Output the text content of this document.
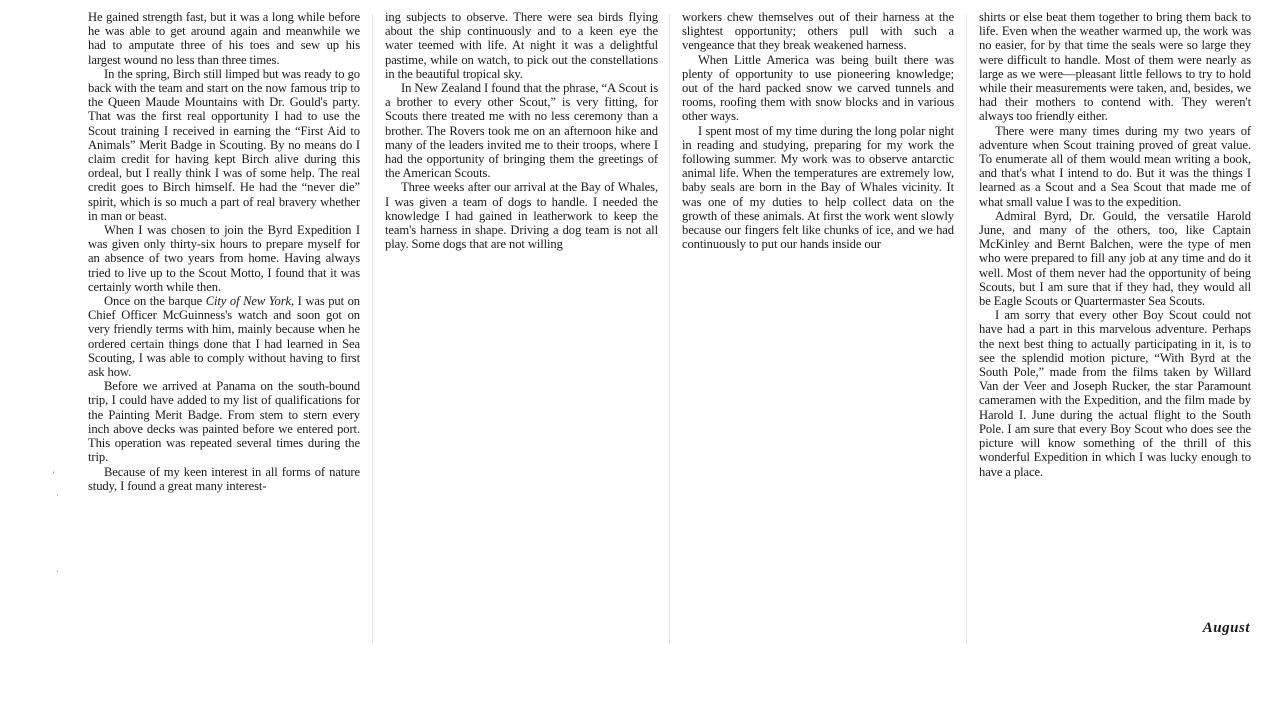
’
·
·

He gained strength fast, but it was a long while before he was able to get around again and meanwhile we had to amputate three of his toes and sew up his largest wound no less than three times.

In the spring, Birch still limped but was ready to go back with the team and start on the now famous trip to the Queen Maude Mountains with Dr. Gould's party. That was the first real opportunity I had to use the Scout training I received in earning the “First Aid to Animals” Merit Badge in Scouting. By no means do I claim credit for having kept Birch alive during this ordeal, but I really think I was of some help. The real credit goes to Birch himself. He had the “never die” spirit, which is so much a part of real bravery whether in man or beast.

When I was chosen to join the Byrd Expedition I was given only thirty-six hours to prepare myself for an absence of two years from home. Having always tried to live up to the Scout Motto, I found that it was certainly worth while then.

Once on the barque City of New York, I was put on Chief Officer McGuinness's watch and soon got on very friendly terms with him, mainly because when he ordered certain things done that I had learned in Sea Scouting, I was able to comply without having to first ask how.

Before we arrived at Panama on the south-bound trip, I could have added to my list of qualifications for the Painting Merit Badge. From stem to stern every inch above decks was painted before we entered port. This operation was repeated several times during the trip.

Because of my keen interest in all forms of nature study, I found a great many interest-

ing subjects to observe. There were sea birds flying about the ship continuously and to a keen eye the water teemed with life. At night it was a delightful pastime, while on watch, to pick out the constellations in the beautiful tropical sky.

In New Zealand I found that the phrase, “A Scout is a brother to every other Scout,” is very fitting, for Scouts there treated me with no less ceremony than a brother. The Rovers took me on an afternoon hike and many of the leaders invited me to their troops, where I had the opportunity of bringing them the greetings of the American Scouts.

Three weeks after our arrival at the Bay of Whales, I was given a team of dogs to handle. I needed the knowledge I had gained in leatherwork to keep the team's harness in shape. Driving a dog team is not all play. Some dogs that are not willing

workers chew themselves out of their harness at the slightest opportunity; others pull with such a vengeance that they break weakened harness.

When Little America was being built there was plenty of opportunity to use pioneering knowledge; out of the hard packed snow we carved tunnels and rooms, roofing them with snow blocks and in various other ways.

I spent most of my time during the long polar night in reading and studying, preparing for my work the following summer. My work was to observe antarctic animal life. When the temperatures are extremely low, baby seals are born in the Bay of Whales vicinity. It was one of my duties to help collect data on the growth of these animals. At first the work went slowly because our fingers felt like chunks of ice, and we had continuously to put our hands inside our

shirts or else beat them together to bring them back to life. Even when the weather warmed up, the work was no easier, for by that time the seals were so large they were difficult to handle. Most of them were nearly as large as we were—pleasant little fellows to try to hold while their measurements were taken, and, besides, we had their mothers to contend with. They weren't always too friendly either.

There were many times during my two years of adventure when Scout training proved of great value. To enumerate all of them would mean writing a book, and that's what I intend to do. But it was the things I learned as a Scout and a Sea Scout that made me of what small value I was to the expedition.

Admiral Byrd, Dr. Gould, the versatile Harold June, and many of the others, too, like Captain McKinley and Bernt Balchen, were the type of men who were prepared to fill any job at any time and do it well. Most of them never had the opportunity of being Scouts, but I am sure that if they had, they would all be Eagle Scouts or Quartermaster Sea Scouts.

I am sorry that every other Boy Scout could not have had a part in this marvelous adventure. Perhaps the next best thing to actually participating in it, is to see the splendid motion picture, “With Byrd at the South Pole,” made from the films taken by Willard Van der Veer and Joseph Rucker, the star Paramount cameramen with the Expedition, and the film made by Harold I. June during the actual flight to the South Pole. I am sure that every Boy Scout who does see the picture will know something of the thrill of this wonderful Expedition in which I was lucky enough to have a place.

August
